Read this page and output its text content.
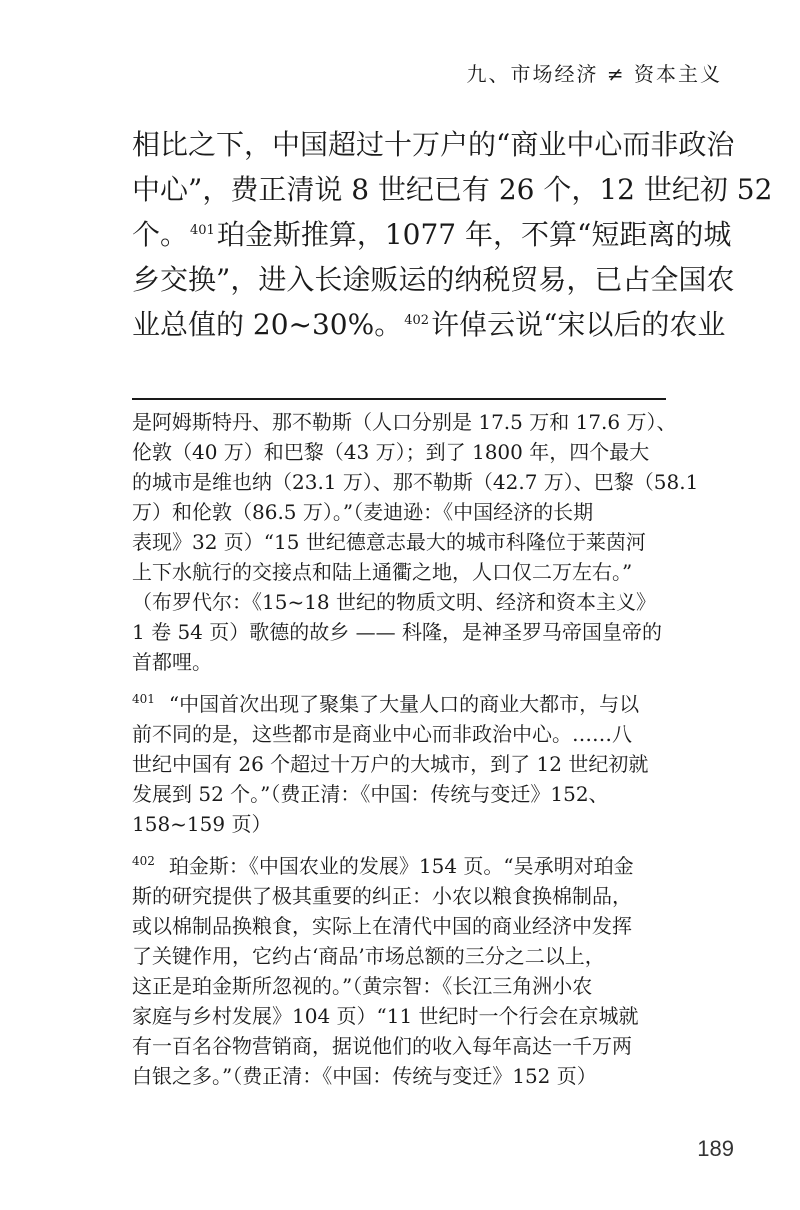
九、市场经济 ≠ 资本主义
相比之下，中国超过十万户的“商业中心而非政治
中心”，费正清说 8 世纪已有 26 个，12 世纪初 52
个。 $^{401}$珀金斯推算，1077 年，不算“短距离的城
乡交换”，进入长途贩运的纳税贸易，已占全国农
业总值的 20~30%。 $^{402}$许倬云说“宋以后的农业
是阿姆斯特丹、那不勒斯（人口分别是 17.5 万和 17.6 万）、
伦敦（40 万）和巴黎（43 万）；到了 1800 年，四个最大
的城市是维也纳（23.1 万）、那不勒斯（42.7 万）、巴黎（58.1
万）和伦敦（86.5 万）。”（麦迪逊：《中国经济的长期
表现》32 页）“15 世纪德意志最大的城市科隆位于莱茵河
上下水航行的交接点和陆上通衢之地，人口仅二万左右。”
（布罗代尔：《15~18 世纪的物质文明、经济和资本主义》
1 卷 54 页）歌德的故乡 —— 科隆，是神圣罗马帝国皇帝的
首都哩。
$^{401}$ “中国首次出现了聚集了大量人口的商业大都市，与以
前不同的是，这些都市是商业中心而非政治中心。……八
世纪中国有 26 个超过十万户的大城市，到了 12 世纪初就
发展到 52 个。”（费正清：《中国：传统与变迁》152、
158~159 页）
$^{402}$ 珀金斯：《中国农业的发展》154 页。“吴承明对珀金
斯的研究提供了极其重要的纠正：小农以粮食换棉制品，
或以棉制品换粮食，实际上在清代中国的商业经济中发挥
了关键作用，它约占‘商品’市场总额的三分之二以上，
这正是珀金斯所忽视的。”（黄宗智：《长江三角洲小农
家庭与乡村发展》104 页）“11 世纪时一个行会在京城就
有一百名谷物营销商，据说他们的收入每年高达一千万两
白银之多。”（费正清：《中国：传统与变迁》152 页）
189
